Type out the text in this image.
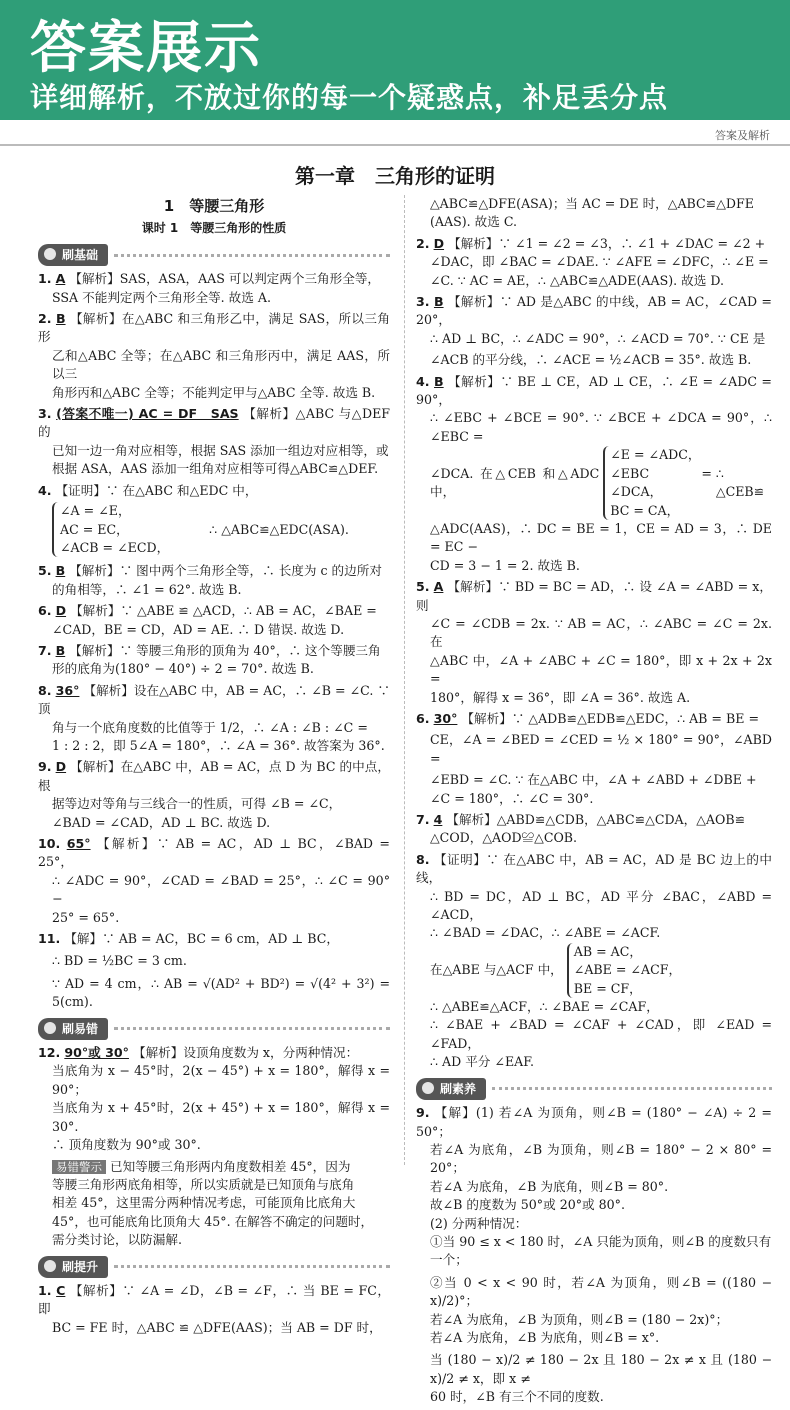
答案展示
详细解析，不放过你的每一个疑惑点，补足丢分点
答案及解析
第一章　三角形的证明
1　等腰三角形
课时 1　等腰三角形的性质
刷基础
1. A 【解析】SAS，ASA，AAS 可以判定两个三角形全等，
SSA 不能判定两个三角形全等. 故选 A.
2. B 【解析】在△ABC 和三角形乙中，满足 SAS，所以三角形
乙和△ABC 全等；在△ABC 和三角形丙中，满足 AAS，所以三
角形丙和△ABC 全等；不能判定甲与△ABC 全等. 故选 B.
3. (答案不唯一) AC = DF　SAS 【解析】△ABC 与△DEF 的
已知一边一角对应相等，根据 SAS 添加一组边对应相等，或
根据 ASA，AAS 添加一组角对应相等可得△ABC≌△DEF.
4. 【证明】∵ 在△ABC 和△EDC 中，
∠A = ∠E，
AC = EC，
∠ACB = ∠ECD，
∴ △ABC≌△EDC(ASA).
5. B 【解析】∵ 图中两个三角形全等，∴ 长度为 c 的边所对
的角相等，∴ ∠1 = 62°. 故选 B.
6. D 【解析】∵ △ABE ≌ △ACD，∴ AB = AC，∠BAE =
∠CAD，BE = CD，AD = AE. ∴ D 错误. 故选 D.
7. B 【解析】∵ 等腰三角形的顶角为 40°，∴ 这个等腰三角
形的底角为(180° − 40°) ÷ 2 = 70°. 故选 B.
8. 36° 【解析】设在△ABC 中，AB = AC，∴ ∠B = ∠C. ∵ 顶
角与一个底角度数的比值等于 1/2，∴ ∠A : ∠B : ∠C =
1 : 2 : 2，即 5∠A = 180°，∴ ∠A = 36°. 故答案为 36°.
9. D 【解析】在△ABC 中，AB = AC，点 D 为 BC 的中点，根
据等边对等角与三线合一的性质，可得 ∠B = ∠C，
∠BAD = ∠CAD，AD ⊥ BC. 故选 D.
10. 65° 【解析】∵ AB = AC，AD ⊥ BC，∠BAD = 25°，
∴ ∠ADC = 90°，∠CAD = ∠BAD = 25°，∴ ∠C = 90° −
25° = 65°.
11. 【解】∵ AB = AC，BC = 6 cm，AD ⊥ BC，
∴ BD = ½BC = 3 cm.
∵ AD = 4 cm，∴ AB = √(AD² + BD²) = √(4² + 3²) = 5(cm).
刷易错
12. 90°或 30° 【解析】设顶角度数为 x，分两种情况：
当底角为 x − 45°时，2(x − 45°) + x = 180°，解得 x = 90°；
当底角为 x + 45°时，2(x + 45°) + x = 180°，解得 x = 30°.
∴ 顶角度数为 90°或 30°.
易错警示 已知等腰三角形两内角度数相差 45°，因为
等腰三角形两底角相等，所以实质就是已知顶角与底角
相差 45°，这里需分两种情况考虑，可能顶角比底角大
45°，也可能底角比顶角大 45°. 在解答不确定的问题时，
需分类讨论，以防漏解.
刷提升
1. C 【解析】∵ ∠A = ∠D，∠B = ∠F，∴ 当 BE = FC，即
BC = FE 时，△ABC ≌ △DFE(AAS)；当 AB = DF 时，
△ABC≌△DFE(ASA)；当 AC = DE 时，△ABC≌△DFE
(AAS). 故选 C.
2. D 【解析】∵ ∠1 = ∠2 = ∠3，∴ ∠1 + ∠DAC = ∠2 +
∠DAC，即 ∠BAC = ∠DAE. ∵ ∠AFE = ∠DFC，∴ ∠E =
∠C. ∵ AC = AE，∴ △ABC≌△ADE(AAS). 故选 D.
3. B 【解析】∵ AD 是△ABC 的中线，AB = AC，∠CAD = 20°，
∴ AD ⊥ BC，∴ ∠ADC = 90°，∴ ∠ACD = 70°. ∵ CE 是
∠ACB 的平分线，∴ ∠ACE = ½∠ACB = 35°. 故选 B.
4. B 【解析】∵ BE ⊥ CE，AD ⊥ CE，∴ ∠E = ∠ADC = 90°，
∴ ∠EBC + ∠BCE = 90°. ∵ ∠BCE + ∠DCA = 90°，∴ ∠EBC =
∠DCA. 在△CEB 和△ADC 中，
∠E = ∠ADC，
∠EBC = ∠DCA，
BC = CA，
∴ △CEB≌
△ADC(AAS)，∴ DC = BE = 1，CE = AD = 3，∴ DE = EC −
CD = 3 − 1 = 2. 故选 B.
5. A 【解析】∵ BD = BC = AD，∴ 设 ∠A = ∠ABD = x，则
∠C = ∠CDB = 2x. ∵ AB = AC，∴ ∠ABC = ∠C = 2x. 在
△ABC 中，∠A + ∠ABC + ∠C = 180°，即 x + 2x + 2x =
180°，解得 x = 36°，即 ∠A = 36°. 故选 A.
6. 30° 【解析】∵ △ADB≌△EDB≌△EDC，∴ AB = BE =
CE，∠A = ∠BED = ∠CED = ½ × 180° = 90°，∠ABD =
∠EBD = ∠C. ∵ 在△ABC 中，∠A + ∠ABD + ∠DBE +
∠C = 180°，∴ ∠C = 30°.
7. 4 【解析】△ABD≌△CDB，△ABC≌△CDA，△AOB≌
△COD，△AOD≌△COB.
8. 【证明】∵ 在△ABC 中，AB = AC，AD 是 BC 边上的中线，
∴ BD = DC，AD ⊥ BC，AD 平分 ∠BAC，∠ABD = ∠ACD，
∴ ∠BAD = ∠DAC，∴ ∠ABE = ∠ACF.
在△ABE 与△ACF 中，
AB = AC，
∠ABE = ∠ACF，
BE = CF，
∴ △ABE≌△ACF，∴ ∠BAE = ∠CAF，
∴ ∠BAE + ∠BAD = ∠CAF + ∠CAD，即 ∠EAD = ∠FAD，
∴ AD 平分 ∠EAF.
刷素养
9. 【解】(1) 若∠A 为顶角，则∠B = (180° − ∠A) ÷ 2 = 50°；
若∠A 为底角，∠B 为顶角，则∠B = 180° − 2 × 80° = 20°；
若∠A 为底角，∠B 为底角，则∠B = 80°.
故∠B 的度数为 50°或 20°或 80°.
(2) 分两种情况：
①当 90 ≤ x < 180 时，∠A 只能为顶角，则∠B 的度数只有
一个；
②当 0 < x < 90 时，若∠A 为顶角，则∠B = ((180 − x)/2)°；
若∠A 为底角，∠B 为顶角，则∠B = (180 − 2x)°；
若∠A 为底角，∠B 为底角，则∠B = x°.
当 (180 − x)/2 ≠ 180 − 2x 且 180 − 2x ≠ x 且 (180 − x)/2 ≠ x，即 x ≠
60 时，∠B 有三个不同的度数.
